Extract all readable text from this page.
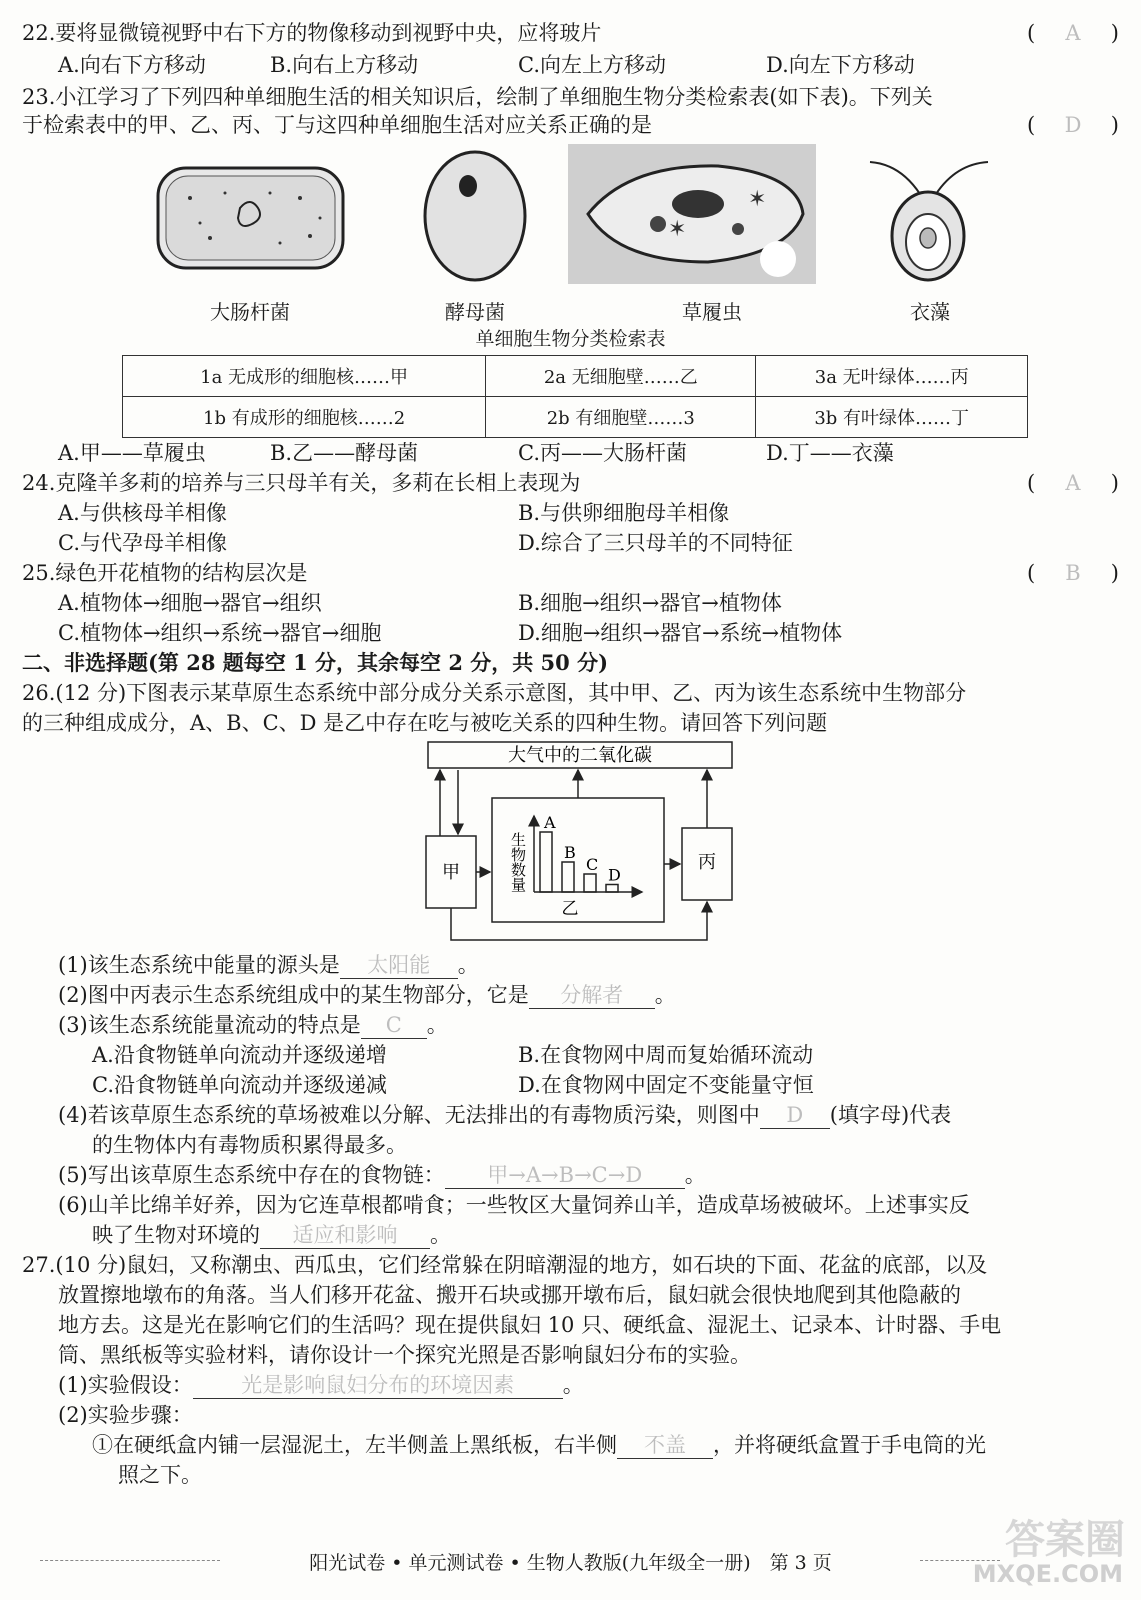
22.要将显微镜视野中右下方的物像移动到视野中央，应将玻片	( A )
A.向右下方移动	B.向右上方移动	C.向左上方移动	D.向左下方移动
23.小江学习了下列四种单细胞生活的相关知识后，绘制了单细胞生物分类检索表(如下表)。下列关
于检索表中的甲、乙、丙、丁与这四种单细胞生活对应关系正确的是	( D )
✶
✶
大肠杆菌	酵母菌	草履虫	衣藻
单细胞生物分类检索表
1a 无成形的细胞核……甲	2a 无细胞壁……乙	3a 无叶绿体……丙
1b 有成形的细胞核……2	2b 有细胞壁……3	3b 有叶绿体……丁
A.甲——草履虫	B.乙——酵母菌	C.丙——大肠杆菌	D.丁——衣藻
24.克隆羊多莉的培养与三只母羊有关，多莉在长相上表现为	( A )
A.与供核母羊相像	B.与供卵细胞母羊相像
C.与代孕母羊相像	D.综合了三只母羊的不同特征
25.绿色开花植物的结构层次是	( B )
A.植物体→细胞→器官→组织	B.细胞→组织→器官→植物体
C.植物体→组织→系统→器官→细胞	D.细胞→组织→器官→系统→植物体
二、非选择题(第 28 题每空 1 分，其余每空 2 分，共 50 分)
26.(12 分)下图表示某草原生态系统中部分成分关系示意图，其中甲、乙、丙为该生态系统中生物部分
的三种组成成分，A、B、C、D 是乙中存在吃与被吃关系的四种生物。请回答下列问题
大气中的二氧化碳
甲	丙
生物数量
乙
A
B
C
D
(1)该生态系统中能量的源头是 太阳能 。
(2)图中丙表示生态系统组成中的某生物部分，它是 分解者 。
(3)该生态系统能量流动的特点是 C 。
A.沿食物链单向流动并逐级递增	B.在食物网中周而复始循环流动
C.沿食物链单向流动并逐级递减	D.在食物网中固定不变能量守恒
(4)若该草原生态系统的草场被难以分解、无法排出的有毒物质污染，则图中 D (填字母)代表
的生物体内有毒物质积累得最多。
(5)写出该草原生态系统中存在的食物链： 甲→A→B→C→D 。
(6)山羊比绵羊好养，因为它连草根都啃食；一些牧区大量饲养山羊，造成草场被破坏。上述事实反
映了生物对环境的 适应和影响 。
27.(10 分)鼠妇，又称潮虫、西瓜虫，它们经常躲在阴暗潮湿的地方，如石块的下面、花盆的底部，以及
放置擦地墩布的角落。当人们移开花盆、搬开石块或挪开墩布后，鼠妇就会很快地爬到其他隐蔽的
地方去。这是光在影响它们的生活吗？现在提供鼠妇 10 只、硬纸盒、湿泥土、记录本、计时器、手电
筒、黑纸板等实验材料，请你设计一个探究光照是否影响鼠妇分布的实验。
(1)实验假设： 光是影响鼠妇分布的环境因素 。
(2)实验步骤：
①在硬纸盒内铺一层湿泥土，左半侧盖上黑纸板，右半侧 不盖 ，并将硬纸盒置于手电筒的光
照之下。
阳光试卷 • 单元测试卷 • 生物人教版(九年级全一册)　第 3 页	答案圈
MXQE.COM
